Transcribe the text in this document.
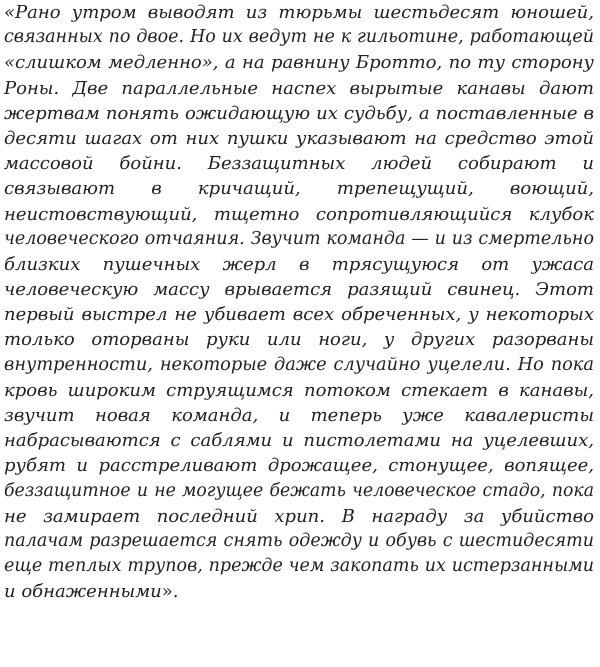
«Рано утром выводят из тюрьмы шестьдесят юношей,
связанных по двое. Но их ведут не к гильотине, работающей
«слишком медленно», а на равнину Бротто, по ту сторону
Роны. Две параллельные наспех вырытые канавы дают
жертвам понять ожидающую их судьбу, а поставленные в
десяти шагах от них пушки указывают на средство этой
массовой бойни. Беззащитных людей собирают и
связывают в кричащий, трепещущий, воющий,
неистовствующий, тщетно сопротивляющийся клубок
человеческого отчаяния. Звучит команда — и из смертельно
близких пушечных жерл в трясущуюся от ужаса
человеческую массу врывается разящий свинец. Этот
первый выстрел не убивает всех обреченных, у некоторых
только оторваны руки или ноги, у других разорваны
внутренности, некоторые даже случайно уцелели. Но пока
кровь широким струящимся потоком стекает в канавы,
звучит новая команда, и теперь уже кавалеристы
набрасываются с саблями и пистолетами на уцелевших,
рубят и расстреливают дрожащее, стонущее, вопящее,
беззащитное и не могущее бежать человеческое стадо, пока
не замирает последний хрип. В награду за убийство
палачам разрешается снять одежду и обувь с шестидесяти
еще теплых трупов, прежде чем закопать их истерзанными
и обнаженными».
